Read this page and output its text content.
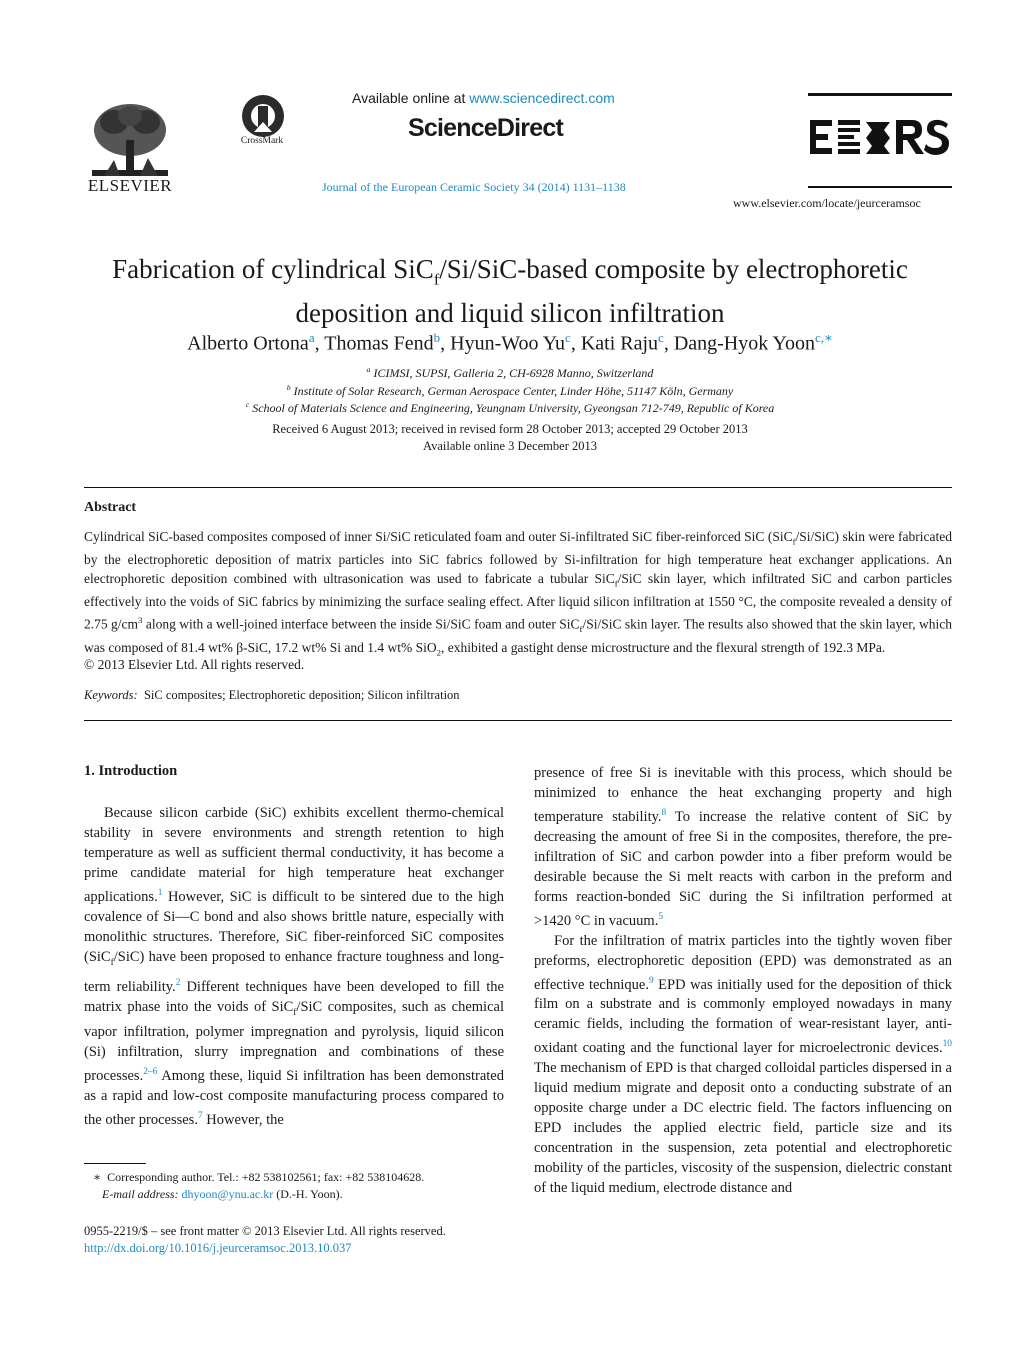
ELSEVIER
CrossMark
Available online at www.sciencedirect.com
ScienceDirect
Journal of the European Ceramic Society 34 (2014) 1131–1138
www.elsevier.com/locate/jeurceramsoc
Fabrication of cylindrical SiC$_f$/Si/SiC-based composite by electrophoretic
deposition and liquid silicon infiltration
Alberto Ortona$^a$, Thomas Fend$^b$, Hyun-Woo Yu$^c$, Kati Raju$^c$, Dang-Hyok Yoon$^{c,∗}$
$^a$ ICIMSI, SUPSI, Galleria 2, CH-6928 Manno, Switzerland
$^b$ Institute of Solar Research, German Aerospace Center, Linder Höhe, 51147 Köln, Germany
$^c$ School of Materials Science and Engineering, Yeungnam University, Gyeongsan 712-749, Republic of Korea
Received 6 August 2013; received in revised form 28 October 2013; accepted 29 October 2013
Available online 3 December 2013
Abstract
Cylindrical SiC-based composites composed of inner Si/SiC reticulated foam and outer Si-infiltrated SiC fiber-reinforced SiC (SiC$_f$/Si/SiC) skin were fabricated by the electrophoretic deposition of matrix particles into SiC fabrics followed by Si-infiltration for high temperature heat exchanger applications. An electrophoretic deposition combined with ultrasonication was used to fabricate a tubular SiC$_f$/SiC skin layer, which infiltrated SiC and carbon particles effectively into the voids of SiC fabrics by minimizing the surface sealing effect. After liquid silicon infiltration at 1550 °C, the composite revealed a density of 2.75 $g/cm^3$ along with a well-joined interface between the inside Si/SiC foam and outer SiC$_f$/Si/SiC skin layer. The results also showed that the skin layer, which was composed of 81.4 wt% β-SiC, 17.2 wt% Si and 1.4 wt% SiO$_2$, exhibited a gastight dense microstructure and the flexural strength of 192.3 MPa.
© 2013 Elsevier Ltd. All rights reserved.
Keywords: SiC composites; Electrophoretic deposition; Silicon infiltration
1. Introduction

Because silicon carbide (SiC) exhibits excellent thermo-chemical stability in severe environments and strength retention to high temperature as well as sufficient thermal conductivity, it has become a prime candidate material for high temperature heat exchanger applications.$^1$ However, SiC is difficult to be sintered due to the high covalence of Si—C bond and also shows brittle nature, especially with monolithic structures. Therefore, SiC fiber-reinforced SiC composites (SiC$_f$/SiC) have been proposed to enhance fracture toughness and long-term reliability.$^2$ Different techniques have been developed to fill the matrix phase into the voids of SiC$_f$/SiC composites, such as chemical vapor infiltration, polymer impregnation and pyrolysis, liquid silicon (Si) infiltration, slurry impregnation and combinations of these processes.$^{2-6}$ Among these, liquid Si infiltration has been demonstrated as a rapid and low-cost composite manufacturing process compared to the other processes.$^7$ However, the

presence of free Si is inevitable with this process, which should be minimized to enhance the heat exchanging property and high temperature stability.$^8$ To increase the relative content of SiC by decreasing the amount of free Si in the composites, therefore, the pre-infiltration of SiC and carbon powder into a fiber preform would be desirable because the Si melt reacts with carbon in the preform and forms reaction-bonded SiC during the Si infiltration performed at >1420 °C in vacuum.$^5$

For the infiltration of matrix particles into the tightly woven fiber preforms, electrophoretic deposition (EPD) was demonstrated as an effective technique.$^9$ EPD was initially used for the deposition of thick film on a substrate and is commonly employed nowadays in many ceramic fields, including the formation of wear-resistant layer, anti-oxidant coating and the functional layer for microelectronic devices.$^{10}$ The mechanism of EPD is that charged colloidal particles dispersed in a liquid medium migrate and deposit onto a conducting substrate of an opposite charge under a DC electric field. The factors influencing on EPD includes the applied electric field, particle size and its concentration in the suspension, zeta potential and electrophoretic mobility of the particles, viscosity of the suspension, dielectric constant of the liquid medium, electrode distance and

∗ Corresponding author. Tel.: +82 538102561; fax: +82 538104628.
E-mail address: dhyoon@ynu.ac.kr (D.-H. Yoon).
0955-2219/$ – see front matter © 2013 Elsevier Ltd. All rights reserved.
http://dx.doi.org/10.1016/j.jeurceramsoc.2013.10.037
